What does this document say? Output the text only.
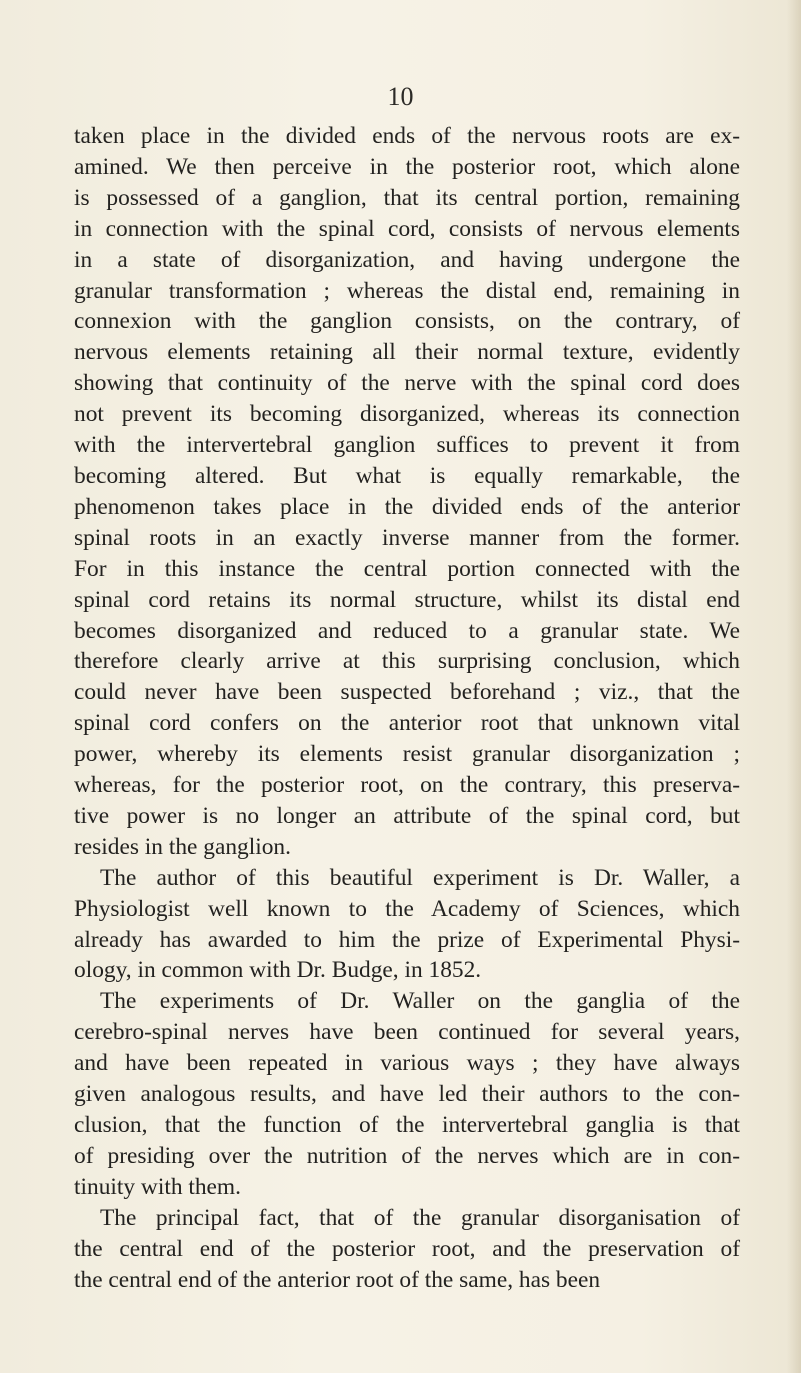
10
taken place in the divided ends of the nervous roots are ex-
amined. We then perceive in the posterior root, which alone
is possessed of a ganglion, that its central portion, remaining
in connection with the spinal cord, consists of nervous elements
in a state of disorganization, and having undergone the
granular transformation ; whereas the distal end, remaining in
connexion with the ganglion consists, on the contrary, of
nervous elements retaining all their normal texture, evidently
showing that continuity of the nerve with the spinal cord does
not prevent its becoming disorganized, whereas its connection
with the intervertebral ganglion suffices to prevent it from
becoming altered. But what is equally remarkable, the
phenomenon takes place in the divided ends of the anterior
spinal roots in an exactly inverse manner from the former.
For in this instance the central portion connected with the
spinal cord retains its normal structure, whilst its distal end
becomes disorganized and reduced to a granular state. We
therefore clearly arrive at this surprising conclusion, which
could never have been suspected beforehand ; viz., that the
spinal cord confers on the anterior root that unknown vital
power, whereby its elements resist granular disorganization ;
whereas, for the posterior root, on the contrary, this preserva-
tive power is no longer an attribute of the spinal cord, but
resides in the ganglion.
The author of this beautiful experiment is Dr. Waller, a
Physiologist well known to the Academy of Sciences, which
already has awarded to him the prize of Experimental Physi-
ology, in common with Dr. Budge, in 1852.
The experiments of Dr. Waller on the ganglia of the
cerebro-spinal nerves have been continued for several years,
and have been repeated in various ways ; they have always
given analogous results, and have led their authors to the con-
clusion, that the function of the intervertebral ganglia is that
of presiding over the nutrition of the nerves which are in con-
tinuity with them.
The principal fact, that of the granular disorganisation of
the central end of the posterior root, and the preservation of
the central end of the anterior root of the same, has been
